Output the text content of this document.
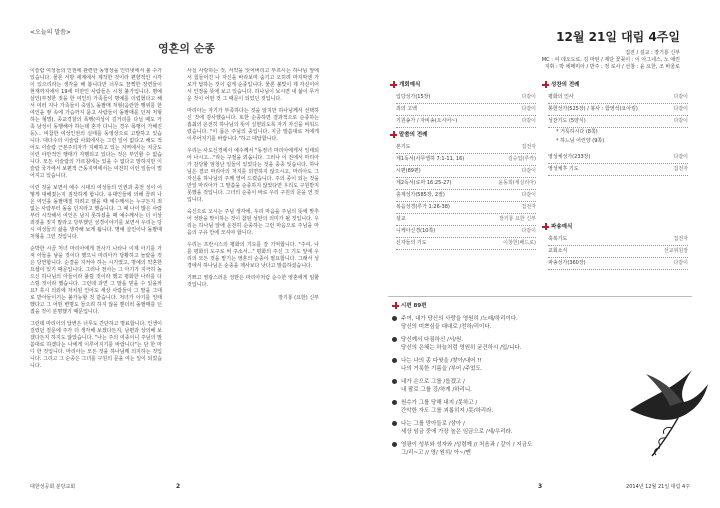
<오늘의 말씀>
영혼의 순종

이슬람 여성들의 인권에 관련한 동영상을 인터넷에서 볼 수가 있습니다. 물론 서방 세계에서 제작한 것이라 편향적인 시각이 있으리라는 생각을 해 봅니다만 너무도 끔찍한 장면들이 현재까지에서 19세 미만인 사람들은 시청 불가입니다. 명예 살인(부정한 짓을 한 여인의 가족들이 명예를 더럽혔다고 해서 여러 지나 가족들이 죽임), 돌팔매 처형(음란한 행위를 한 여인을 땅 속에 가슴까지 묻고 사람들이 돌팔매를 던져 처형하는 형벌), 종교경찰의 폭행(여성이 길거리를 다닐 때도 가족 남성이 동행해야 하는데 혼자 다니는 경우 폭행이 가해진 등)... 비참한 여성인권의 실태를 동영상으로 고발하고 있습니다. 대다수의 이슬람 사회에서는 그런 일이 없다고 해도 적어도 이슬람 근본주의자가 지배하고 있는 지역에서는 지금도 이런 야만적인 행태가 자행되고 있다는 것은 부인할 수 없습니다. 모든 이슬람의 가르침에는 있을 수 없다고 말하지만 이슬람 국가에서 보편적 근동지역에서는 여전히 이런 일들이 벌어지고 있습니다.

이런 것을 보면서 예수 시대의 여성들의 인권과 종전 성이 어떻게 대해졌는지 짐작하게 합니다. 유대인들에 의해 끌려 나온 여인을 돌팔매질 하려고 했을 때 예수께서는 누구든지 죄 없는 사람부터 돌을 던지라고 했습니다. 그 때 나이 많은 사람부터 시작해서 여인은 남지 못하셨을 때 예수께서는 더 이상 죄짓을 짓지 말라고 당부했던 성경이야기를 보면서 우리는 당시 여성들의 삶을 생각해 보게 됩니다. 명예 살인이나 돌팔매 처형을 그런 것입니다.

순박한 시골 처녀 마리아에게 천사가 나타나 이제 아기를 가져 아들을 낳을 것이다 했으니 마리아가 당황하고 놀랐을 것은 당연합니다. 순결을 지켜야 하는 시기였고, 명예의 약혼한 요셉이 있기 때문입니다. 그러나 천사는 그 아기가 지극히 높으신 하나님의 아들이라 불릴 것이라 했고 평화한 나라를 다스릴 것이라 했습니다. 그런데 과연 그 말을 믿을 수 있을까요? 혹시 의외에 처치된 인어도 세상 사람들이 그 말을 그대로 받아들이기는 불가능할 것 같습니다. 처녀가 아기를 잉태했다고 그 어떤 변명도 들으려 하지 않을 뿐더러 돌팔매를 던졌을 것이 분명했기 때문입니다.

그런데 마리아의 답변은 너무도 간단하고 명료합니다. 인생이 걸렸던 질문에 주가 더 생각해 보겠다든지, 남편과 상의해 보겠다든지 하지도 않았습니다. "나는 주의 여종이니 주님의 말씀대로 하겠다는 나에게 이루어지기를 바랍니다"는 단 한 마디 한 것입니다. 마리아는 모든 것을 하나님께 의지하는 것입니다. 그리고 그 순종은 그녀를 구원의 문을 여는 일이 되었습니다.

사실 사랑하는 것, 서약을 잊어버리고 부르시는 하나님 앞에서 힘들어진 나 자신을 바라보며 숨기고 오히려 마지막엔 가로가 답하는 것이 쉽게 순종입니다. 물론 불빛이 제 자신이어서 인정을 뜻에 보고 있습니다. 하나님이 보시면 내 삶이 무거운 것이 어떤 것 그 때문이 되었던 것입니다.

마리아는 자기가 부족하다는 것을 알지만 하나님께서 선택하신 것에 감사했습니다. 또한 순종하면 결과적으로 순종하는 흠최의 온전히 하나님의 뜻이 실현되도록 자기 자신을 비워드렸습니다. "이 몸은 주님의 종입니다. 지금 말씀대로 저에게 이루어지기를 바랍니다."하고 대답합니다.

우리는 사도신경에서 예수께서 "동정녀 마리아에게서 잉태되어 나시고…"라는 구절을 외웁니다. 그러나 이 전에서 마리아가 감당할 엄청난 일들이 있었다는 것을 종종 잊습니다. 하나님은 결코 마리아의 처지를 외면하지 않으시고, 마리아도 그 자신을 하나님의 주께 열어 드렸습니다. 주의 종이 되는 것을 만일 마리아가 그 말씀을 순종하지 않았다면 우리도 구원받지 못했을 것입니다. 그녀의 순종이 바로 우리 구원의 문을 연 것입니다.

육신으로 오시는 주님 생각에, 우리 마음을 주님의 뜻에 맞추어 성탄을 맞이하는 것이 참된 성탄의 의미가 될 것입니다. 우리는 하나님 앞에 온전히 순종하는 그런 마음으로 주님을 마음의 구유 안에 모셔야 합니다.

우리는 프란시스의 평화의 기도를 잘 기억합니다. "주여, 나를 평화의 도구로 써 주소서..." 평화의 주신 그 기도 앞에 우리의 모든 것을 맡기는 영혼의 순종이 필요합니다. 그래서 성경에서 하나님은 순종을 제사보다 낫다고 말씀하셨습니다.

기쁘고 영광스러운 성탄은 마리아처럼 순수한 영혼에게 임할 것입니다.

장기룡 (요한) 신부
대한성공회 분당교회	2
12월 21일 대림 4주일
집전 / 설교 : 장기룡 신부
MC : 여 데오도로, 김 마틴 / 제단 꽃꽂이 : 이 아그네스, 노 애린
지휘 : 박 에메미아 / 반주 : 정 로사 / 선창 : 윤 요한, 조 바울로
개회예식
입당성가(15장)	다같이
죄의 고백	다같이
기원송가 / 자비송(오시어~)	다같이
말씀의 전례
본기도	집전자
제1독서(사무엘하 7:1-11, 16)	김승업(루카)
시편(89편)	다같이
제2독서(로마 16:25-27)	윤동희(세실리아)
층계성가(585장, 2절)	다같이
복음성경(루가 1:26-38)	집전자
설교	장기룡 요한 신부
니케아신경(10쪽)	다같이
신자들의 기도	이창헌(베드로)
성찬의 전례
평화의 인사	다같이
봉헌성가(525장) / 봉사 : 함영석(요아킴)	다같이
성찬기도 (5양식)	다같이
* 거룩하시다 (8쪽)
* 하느님 어린양 (9쪽)
영성체성가(233장)	다같이
영성체후 기도	집전자
파송예식
축복기도	집전자
교회소식	선교위원장
파송성가(360장)	다같이
시편 89편
주여, 내가 당신의 사랑을 영원히 /노래/하리이다.
당신의 미쁘심을 대대로 /전하/리이다.
당신께서 다짐하신 /서/원.
당신의 은혜는 하늘처럼 영원히 굳건하시 /입/니다.
나는 나의 종 다윗을 /찾아/내어 !!
나의 거룩한 기름을 /부어 /주었도.
내가 손으로 그를 /돕겠고 /
내 팔로 그를 강/하게 /하리니.
원수가 그를 당해 내지 /못하고 /
간악한 자도 그를 괴롭히지 /못/하리라.
나는 그를 맏아들로 /삼아 /
세상 임금 중에 가장 높은 임금으로 /세/우리라.
영광이 성부와 성자와 /성령께 // 처음과 / 같이 / 지금도
그/리~고 // 영/ 원히/ 아~/멘
3	2014년 12월 21일 대림 4주
